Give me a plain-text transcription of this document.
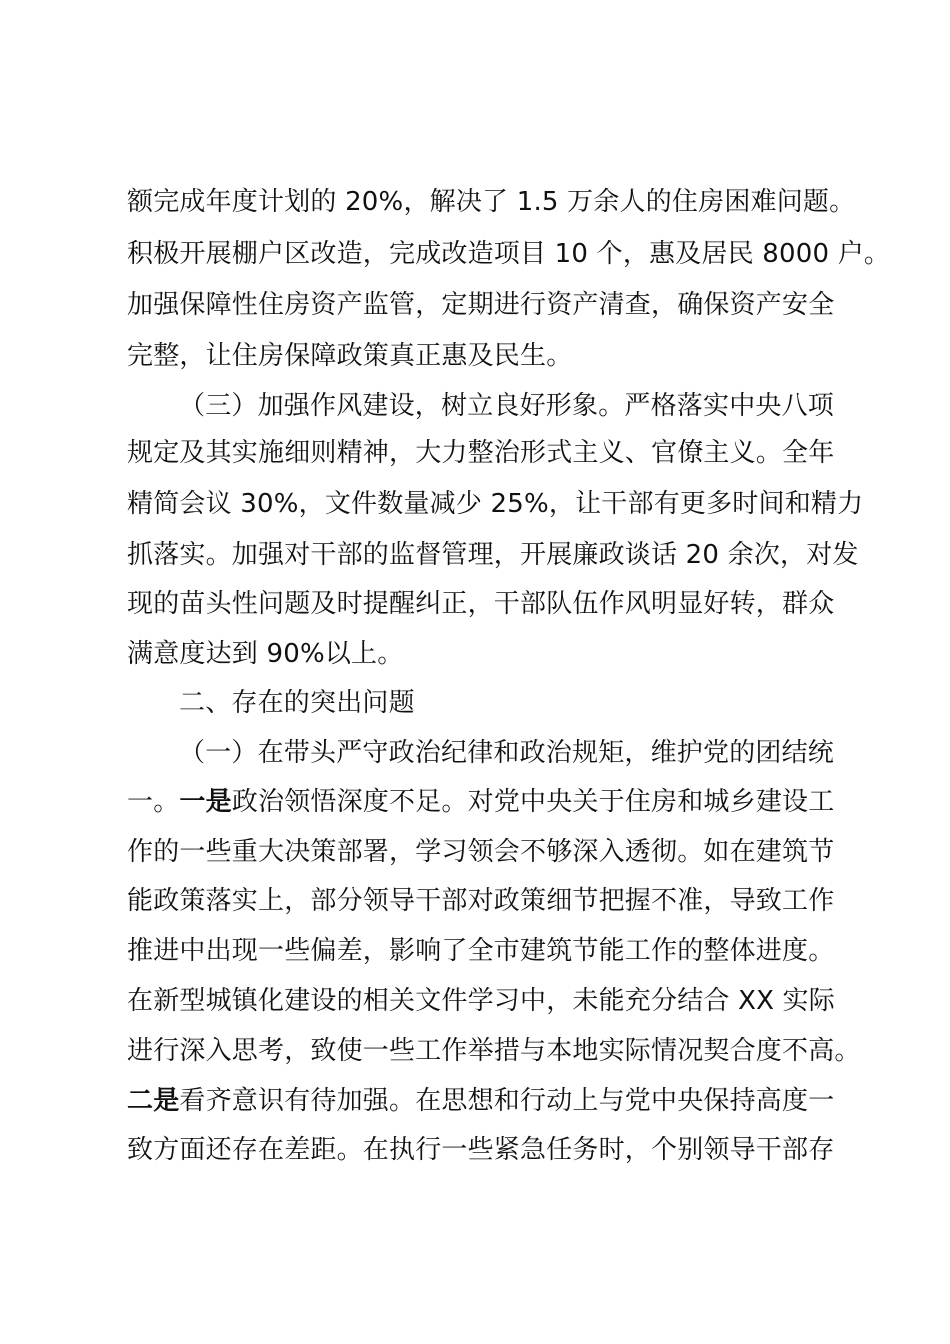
额完成年度计划的 20%，解决了 1.5 万余人的住房困难问题。
积极开展棚户区改造，完成改造项目 10 个，惠及居民 8000 户。
加强保障性住房资产监管，定期进行资产清查，确保资产安全
完整，让住房保障政策真正惠及民生。
（三）加强作风建设，树立良好形象。严格落实中央八项
规定及其实施细则精神，大力整治形式主义、官僚主义。全年
精简会议 30%，文件数量减少 25%，让干部有更多时间和精力
抓落实。加强对干部的监督管理，开展廉政谈话 20 余次，对发
现的苗头性问题及时提醒纠正，干部队伍作风明显好转，群众
满意度达到 90%以上。
二、存在的突出问题
（一）在带头严守政治纪律和政治规矩，维护党的团结统
一。一是政治领悟深度不足。对党中央关于住房和城乡建设工
作的一些重大决策部署，学习领会不够深入透彻。如在建筑节
能政策落实上，部分领导干部对政策细节把握不准，导致工作
推进中出现一些偏差，影响了全市建筑节能工作的整体进度。
在新型城镇化建设的相关文件学习中，未能充分结合 XX 实际
进行深入思考，致使一些工作举措与本地实际情况契合度不高。
二是看齐意识有待加强。在思想和行动上与党中央保持高度一
致方面还存在差距。在执行一些紧急任务时，个别领导干部存
